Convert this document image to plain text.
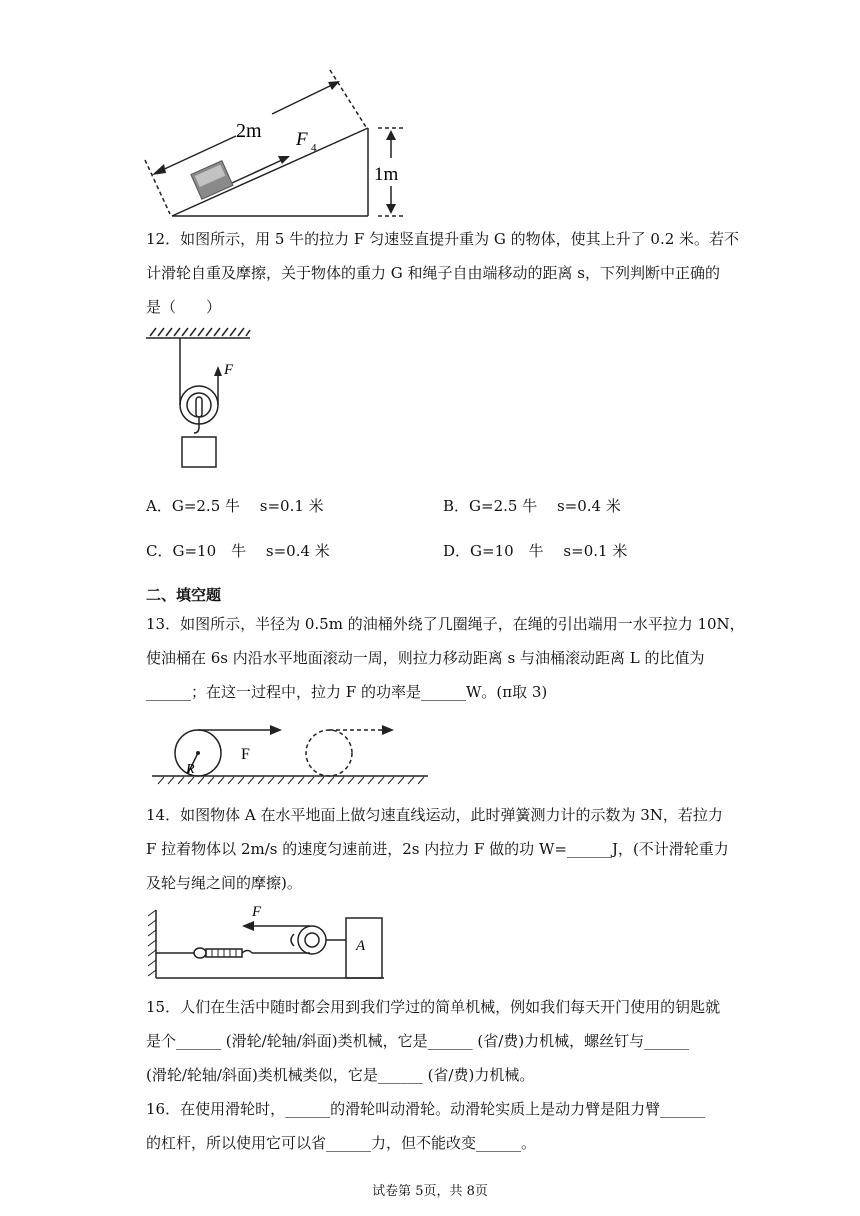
2m F 4
1m
12．如图所示，用 5 牛的拉力 F 匀速竖直提升重为 G 的物体，使其上升了 0.2 米。若不
计滑轮自重及摩擦，关于物体的重力 G 和绳子自由端移动的距离 s，下列判断中正确的
是（　　）
F
A．G=2.5 牛　 s=0.1 米	B．G=2.5 牛　 s=0.4 米
C．G=10　牛　 s=0.4 米	D．G=10　牛　 s=0.1 米
二、填空题
13．如图所示，半径为 0.5m 的油桶外绕了几圈绳子，在绳的引出端用一水平拉力 10N，
使油桶在 6s 内沿水平地面滚动一周，则拉力移动距离 s 与油桶滚动距离 L 的比值为
______；在这一过程中，拉力 F 的功率是______W。(π取 3)
F
R
14．如图物体 A 在水平地面上做匀速直线运动，此时弹簧测力计的示数为 3N，若拉力
F 拉着物体以 2m/s 的速度匀速前进，2s 内拉力 F 做的功 W=______J，(不计滑轮重力
及轮与绳之间的摩擦)。
F
A
15．人们在生活中随时都会用到我们学过的简单机械，例如我们每天开门使用的钥匙就
是个______ (滑轮/轮轴/斜面)类机械，它是______ (省/费)力机械，螺丝钉与______
(滑轮/轮轴/斜面)类机械类似，它是______ (省/费)力机械。
16．在使用滑轮时，______的滑轮叫动滑轮。动滑轮实质上是动力臂是阻力臂______
的杠杆，所以使用它可以省______力，但不能改变______。
试卷第 5页，共 8页
